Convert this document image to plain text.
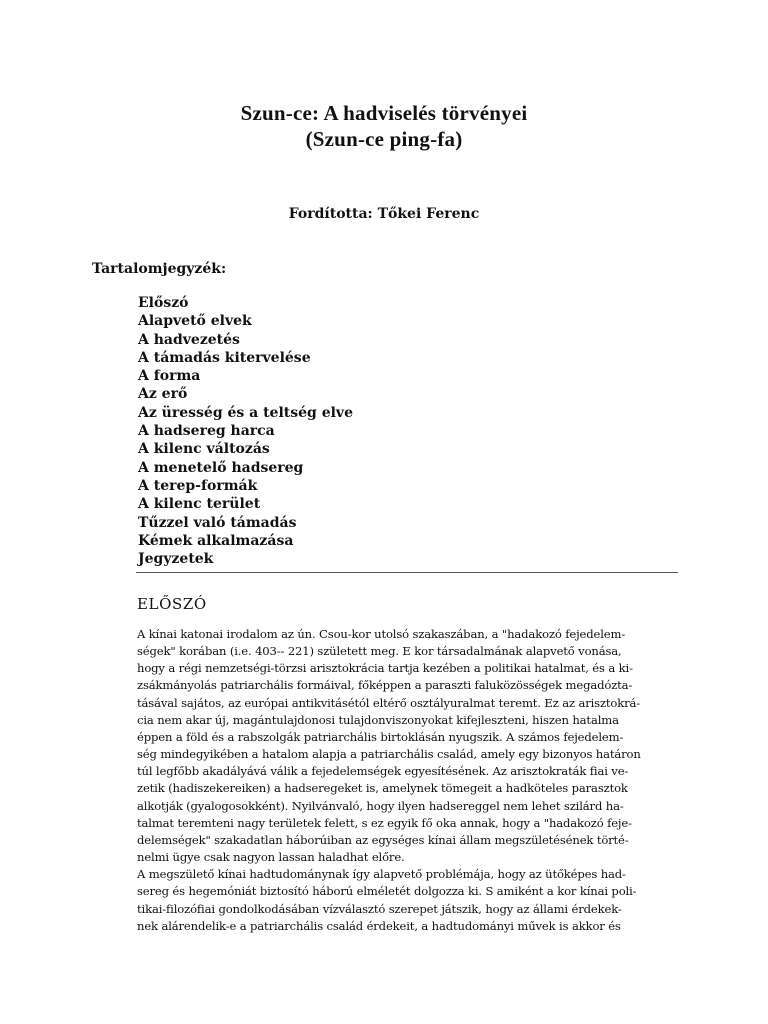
Szun-ce: A hadviselés törvényei
(Szun-ce ping-fa)
Fordította: Tőkei Ferenc
Tartalomjegyzék:
Előszó
Alapvető elvek
A hadvezetés
A támadás kitervelése
A forma
Az erő
Az üresség és a teltség elve
A hadsereg harca
A kilenc változás
A menetelő hadsereg
A terep-formák
A kilenc terület
Tűzzel való támadás
Kémek alkalmazása
Jegyzetek
ELŐSZÓ
A kínai katonai irodalom az ún. Csou-kor utolsó szakaszában, a "hadakozó fejedelem-
ségek" korában (i.e. 403-- 221) született meg. E kor társadalmának alapvető vonása,
hogy a régi nemzetségi-törzsi arisztokrácia tartja kezében a politikai hatalmat, és a ki-
zsákmányolás patriarchális formáival, főképpen a paraszti faluközösségek megadózta-
tásával sajátos, az európai antikvitásétól eltérő osztályuralmat teremt. Ez az arisztokrá-
cia nem akar új, magántulajdonosi tulajdonviszonyokat kifejleszteni, hiszen hatalma
éppen a föld és a rabszolgák patriarchális birtoklásán nyugszik. A számos fejedelem-
ség mindegyikében a hatalom alapja a patriarchális család, amely egy bizonyos határon
túl legfőbb akadályává válik a fejedelemségek egyesítésének. Az arisztokraták fiai ve-
zetik (hadiszekereiken) a hadseregeket is, amelynek tömegeit a hadköteles parasztok
alkotják (gyalogosokként). Nyilvánvaló, hogy ilyen hadsereggel nem lehet szilárd ha-
talmat teremteni nagy területek felett, s ez egyik fő oka annak, hogy a "hadakozó feje-
delemségek" szakadatlan háborúiban az egységes kínai állam megszületésének törté-
nelmi ügye csak nagyon lassan haladhat előre.
A megszülető kínai hadtudománynak így alapvető problémája, hogy az ütőképes had-
sereg és hegemóniát biztosító háború elméletét dolgozza ki. S amiként a kor kínai poli-
tikai-filozófiai gondolkodásában vízválasztó szerepet játszik, hogy az állami érdekek-
nek alárendelik-e a patriarchális család érdekeit, a hadtudományi művek is akkor és
